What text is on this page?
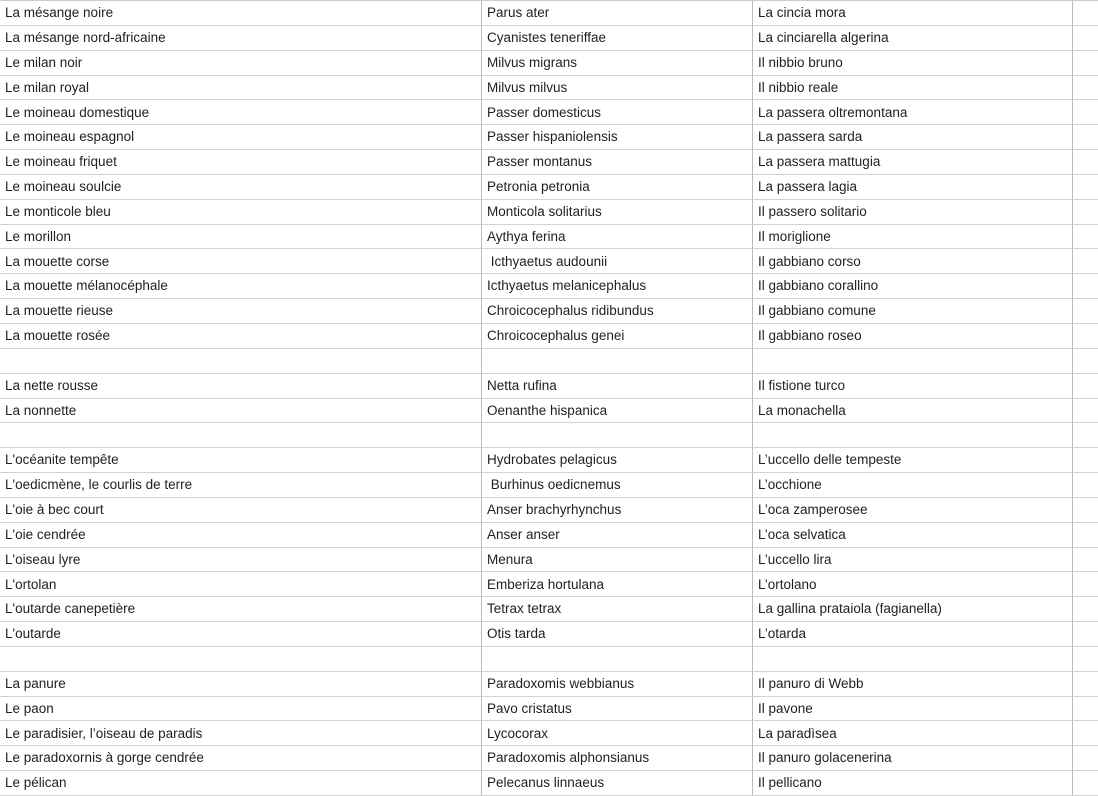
La mésange noire	Parus ater	La cincia mora
La mésange nord-africaine	Cyanistes teneriffae	La cinciarella algerina
Le milan noir	Milvus migrans	Il nibbio bruno
Le milan royal	Milvus milvus	Il nibbio reale
Le moineau domestique	Passer domesticus	La passera oltremontana
Le moineau espagnol	Passer hispaniolensis	La passera sarda
Le moineau friquet	Passer montanus	La passera mattugia
Le moineau soulcie	Petronia petronia	La passera lagia
Le monticole bleu	Monticola solitarius	Il passero solitario
Le morillon	Aythya ferina	Il moriglione
La mouette corse	Icthyaetus audounii	Il gabbiano corso
La mouette mélanocéphale	Icthyaetus melanicephalus	Il gabbiano corallino
La mouette rieuse	Chroicocephalus ridibundus	Il gabbiano comune
La mouette rosée	Chroicocephalus genei	Il gabbiano roseo
La nette rousse	Netta rufina	Il fistione turco
La nonnette	Oenanthe hispanica	La monachella
L'océanite tempête	Hydrobates pelagicus	L’uccello delle tempeste
L'oedicmène, le courlis de terre	Burhinus oedicnemus	L’occhione
L'oie à bec court	Anser brachyrhynchus	L’oca zamperosee
L'oie cendrée	Anser anser	L’oca selvatica
L'oiseau lyre	Menura	L’uccello lira
L'ortolan	Emberiza hortulana	L’ortolano
L'outarde canepetière	Tetrax tetrax	La gallina prataiola (fagianella)
L'outarde	Otis tarda	L’otarda
La panure	Paradoxomis webbianus	Il panuro di Webb
Le paon	Pavo cristatus	Il pavone
Le paradisier, l’oiseau de paradis	Lycocorax	La paradìsea
Le paradoxornis à gorge cendrée	Paradoxomis alphonsianus	Il panuro golacenerina
Le pélican	Pelecanus linnaeus	Il pellicano
